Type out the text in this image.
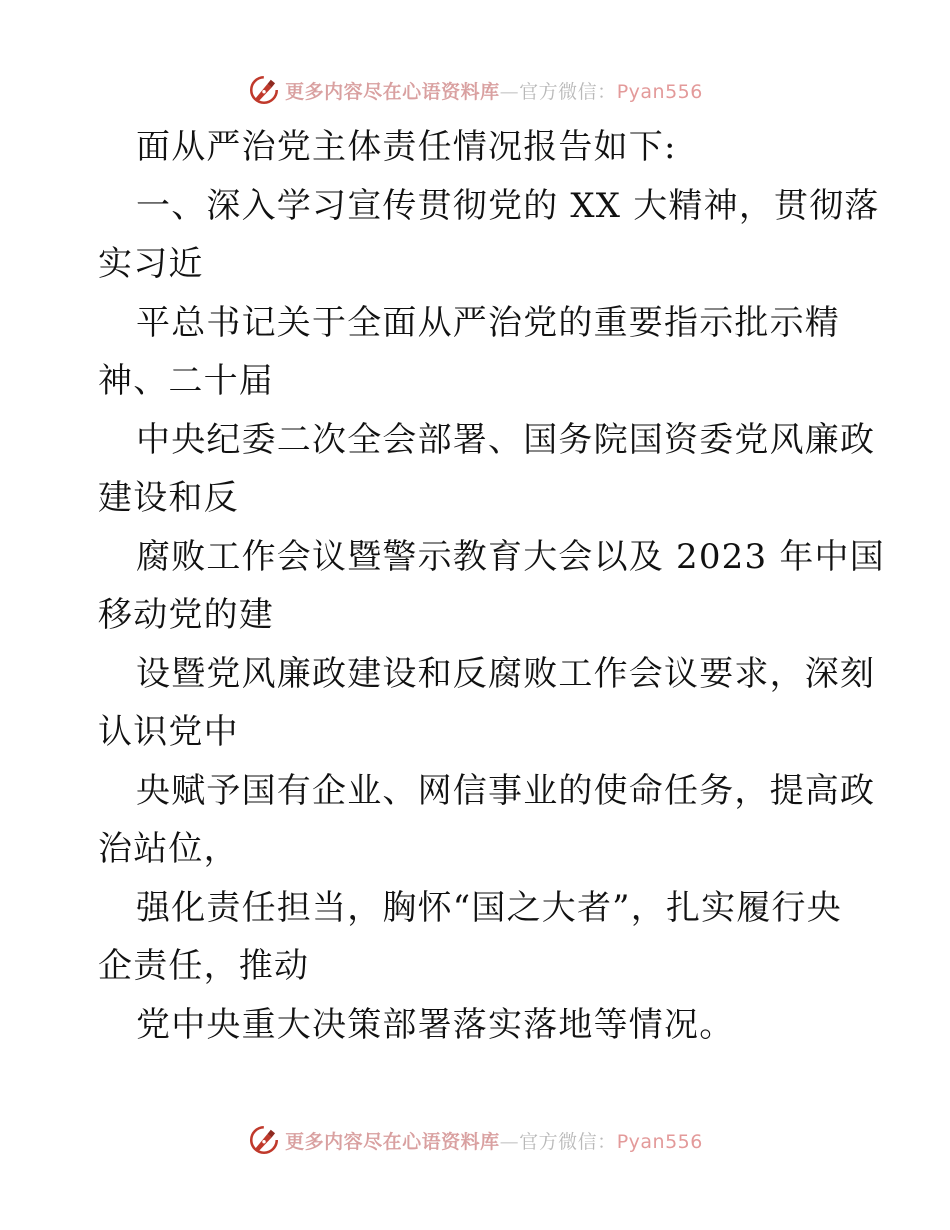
更多内容尽在心语资料库—官方微信：Pyan556
面从严治党主体责任情况报告如下:
一、深入学习宣传贯彻党的 XX 大精神，贯彻落
实习近
平总书记关于全面从严治党的重要指示批示精
神、二十届
中央纪委二次全会部署、国务院国资委党风廉政
建设和反
腐败工作会议暨警示教育大会以及 2023 年中国
移动党的建
设暨党风廉政建设和反腐败工作会议要求，深刻
认识党中
央赋予国有企业、网信事业的使命任务，提高政
治站位，
强化责任担当，胸怀“国之大者”，扎实履行央
企责任，推动
党中央重大决策部署落实落地等情况。
更多内容尽在心语资料库—官方微信：Pyan556
